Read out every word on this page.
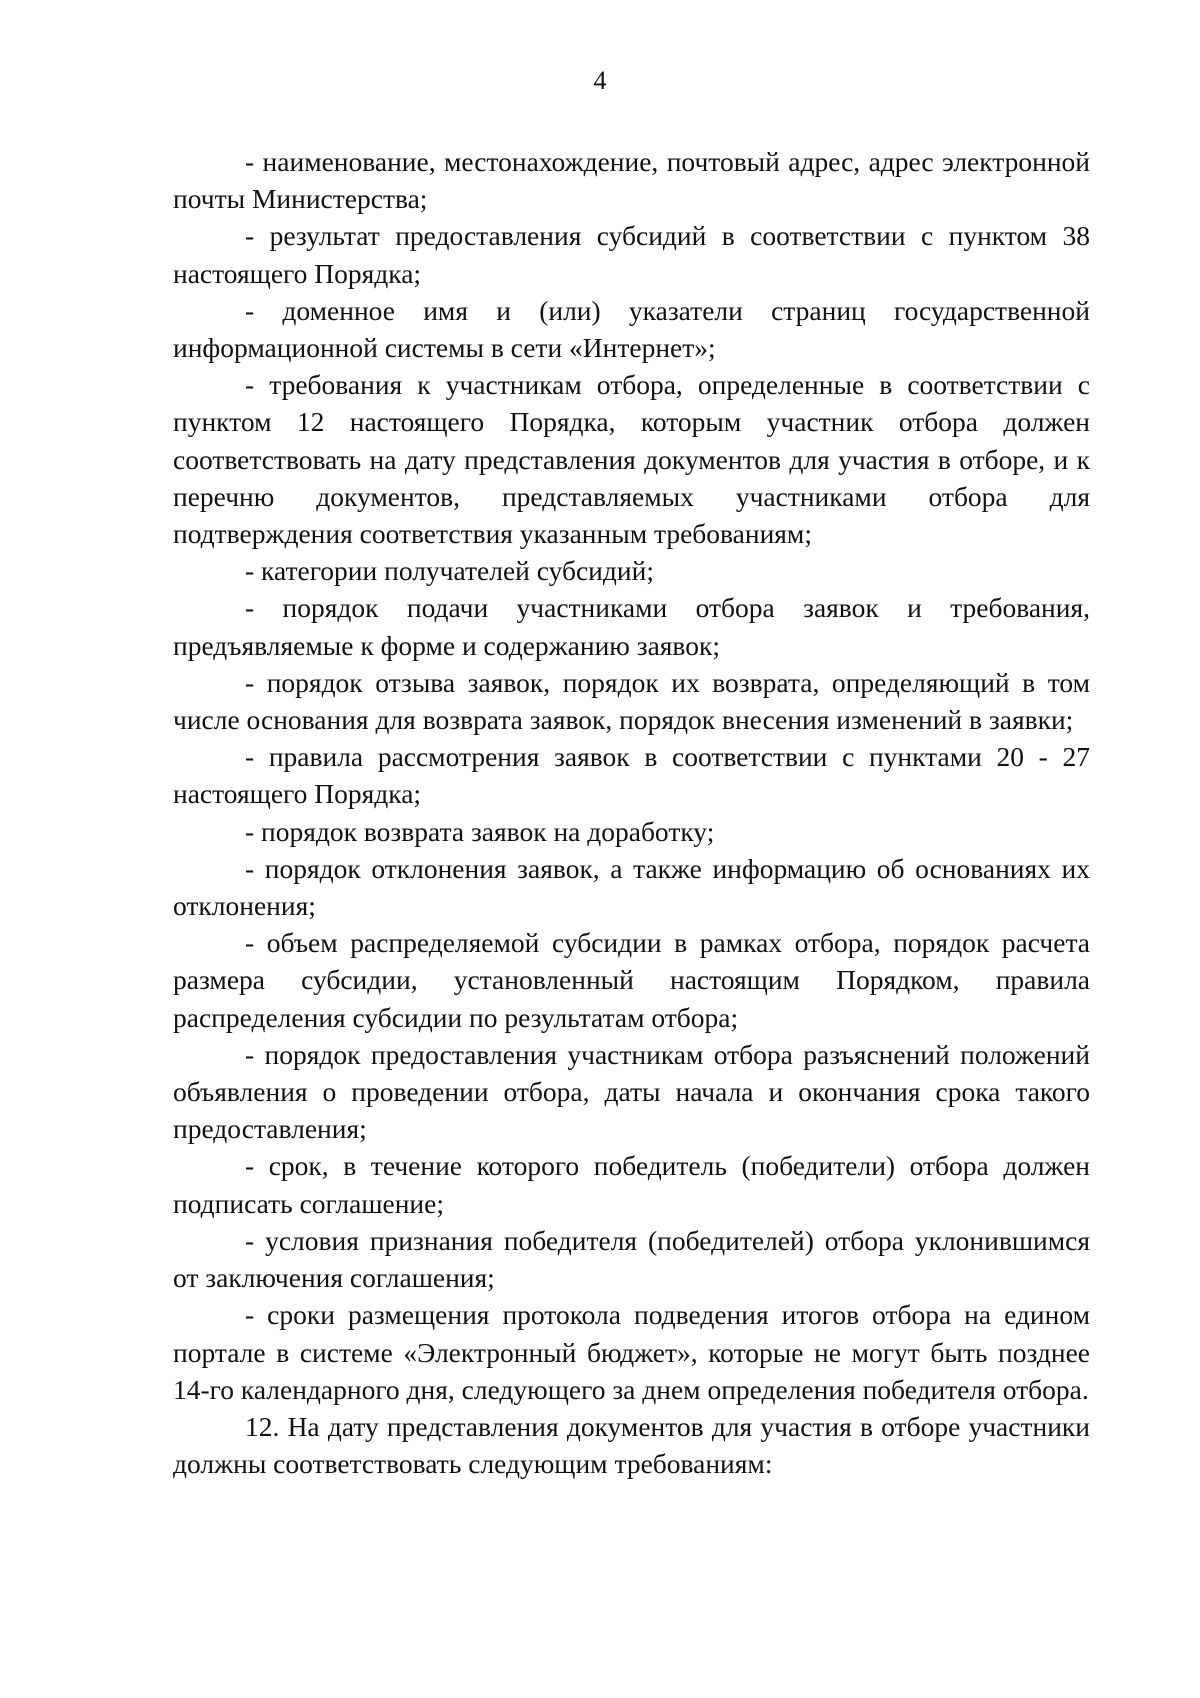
4

- наименование, местонахождение, почтовый адрес, адрес электронной почты Министерства;

- результат предоставления субсидий в соответствии с пунктом 38 настоящего Порядка;

- доменное имя и (или) указатели страниц государственной информационной системы в сети «Интернет»;

- требования к участникам отбора, определенные в соответствии с пунктом 12 настоящего Порядка, которым участник отбора должен соответствовать на дату представления документов для участия в отборе, и к перечню документов, представляемых участниками отбора для подтверждения соответствия указанным требованиям;

- категории получателей субсидий;

- порядок подачи участниками отбора заявок и требования, предъявляемые к форме и содержанию заявок;

- порядок отзыва заявок, порядок их возврата, определяющий в том числе основания для возврата заявок, порядок внесения изменений в заявки;

- правила рассмотрения заявок в соответствии с пунктами 20 - 27 настоящего Порядка;

- порядок возврата заявок на доработку;

- порядок отклонения заявок, а также информацию об основаниях их отклонения;

- объем распределяемой субсидии в рамках отбора, порядок расчета размера субсидии, установленный настоящим Порядком, правила распределения субсидии по результатам отбора;

- порядок предоставления участникам отбора разъяснений положений объявления о проведении отбора, даты начала и окончания срока такого предоставления;

- срок, в течение которого победитель (победители) отбора должен подписать соглашение;

- условия признания победителя (победителей) отбора уклонившимся от заключения соглашения;

- сроки размещения протокола подведения итогов отбора на едином портале в системе «Электронный бюджет», которые не могут быть позднее 14-го календарного дня, следующего за днем определения победителя отбора.

12. На дату представления документов для участия в отборе участники должны соответствовать следующим требованиям:
